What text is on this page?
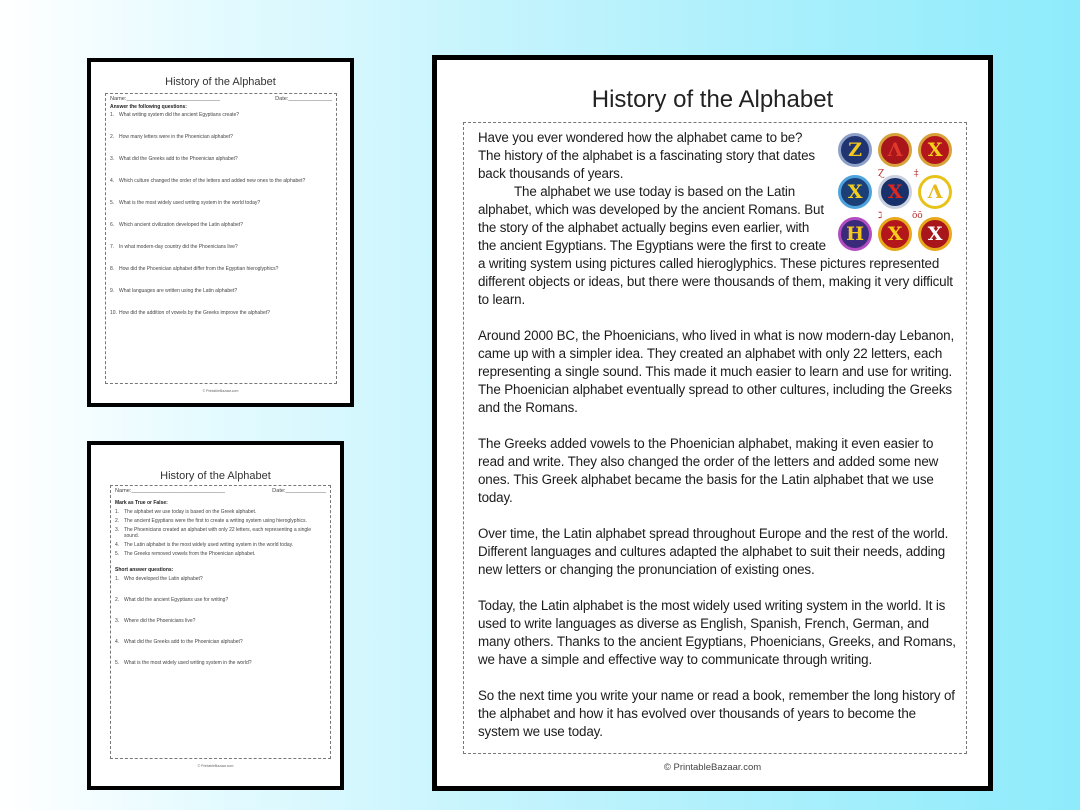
History of the Alphabet
Name:______________________________	Date:______________
Answer the following questions:
1. What writing system did the ancient Egyptians create?
2. How many letters were in the Phoenician alphabet?
3. What did the Greeks add to the Phoenician alphabet?
4. Which culture changed the order of the letters and added new ones to the alphabet?
5. What is the most widely used writing system in the world today?
6. Which ancient civilization developed the Latin alphabet?
7. In what modern-day country did the Phoenicians live?
8. How did the Phoenician alphabet differ from the Egyptian hieroglyphics?
9. What languages are written using the Latin alphabet?
10. How did the addition of vowels by the Greeks improve the alphabet?
© PrintableBazaar.com
History of the Alphabet
Name:______________________________	Date:_____________
Mark as True or False:
1. The alphabet we use today is based on the Greek alphabet.
2. The ancient Egyptians were the first to create a writing system using hieroglyphics.
3. The Phoenicians created an alphabet with only 22 letters, each representing a single sound.
4. The Latin alphabet is the most widely used writing system in the world today.
5. The Greeks removed vowels from the Phoenician alphabet.
Short answer questions:
1. Who developed the Latin alphabet?
2. What did the ancient Egyptians use for writing?
3. Where did the Phoenicians live?
4. What did the Greeks add to the Phoenician alphabet?
5. What is the most widely used writing system in the world?
© PrintableBazaar.com
History of the Alphabet
Z	Λ	X
X	X	Λ
H	X	X
Ɀ	‡
ℷ	ōō

Have you ever wondered how the alphabet came to be? The history of the alphabet is a fascinating story that dates back thousands of years.
The alphabet we use today is based on the Latin alphabet, which was developed by the ancient Romans. But the story of the alphabet actually begins even earlier, with the ancient Egyptians. The Egyptians were the first to create a writing system using pictures called hieroglyphics. These pictures represented different objects or ideas, but there were thousands of them, making it very difficult to learn.

Around 2000 BC, the Phoenicians, who lived in what is now modern-day Lebanon, came up with a simpler idea. They created an alphabet with only 22 letters, each representing a single sound. This made it much easier to learn and use for writing. The Phoenician alphabet eventually spread to other cultures, including the Greeks and the Romans.

The Greeks added vowels to the Phoenician alphabet, making it even easier to read and write. They also changed the order of the letters and added some new ones. This Greek alphabet became the basis for the Latin alphabet that we use today.

Over time, the Latin alphabet spread throughout Europe and the rest of the world. Different languages and cultures adapted the alphabet to suit their needs, adding new letters or changing the pronunciation of existing ones.

Today, the Latin alphabet is the most widely used writing system in the world. It is used to write languages as diverse as English, Spanish, French, German, and many others. Thanks to the ancient Egyptians, Phoenicians, Greeks, and Romans, we have a simple and effective way to communicate through writing.

So the next time you write your name or read a book, remember the long history of the alphabet and how it has evolved over thousands of years to become the system we use today.

© PrintableBazaar.com
